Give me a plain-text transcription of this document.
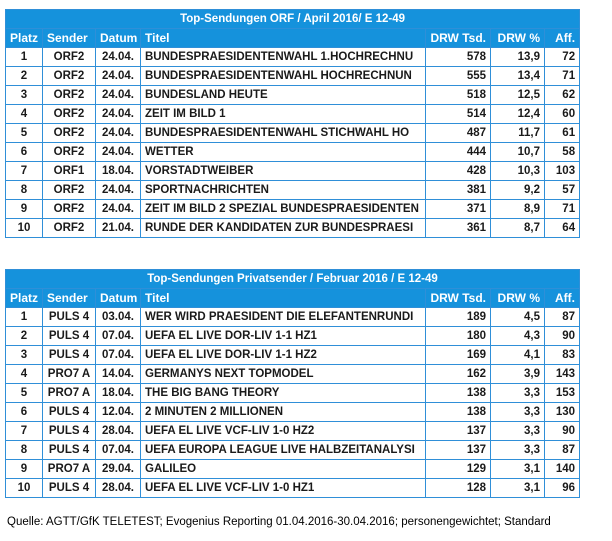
Top-Sendungen ORF / April 2016/ E 12-49						
Platz	Sender	Datum	Titel	DRW Tsd.	DRW %	Aff.
1	ORF2	24.04.	BUNDESPRAESIDENTENWAHL 1.HOCHRECHNU	578	13,9	72
2	ORF2	24.04.	BUNDESPRAESIDENTENWAHL HOCHRECHNUN	555	13,4	71
3	ORF2	24.04.	BUNDESLAND HEUTE	518	12,5	62
4	ORF2	24.04.	ZEIT IM BILD 1	514	12,4	60
5	ORF2	24.04.	BUNDESPRAESIDENTENWAHL STICHWAHL HO	487	11,7	61
6	ORF2	24.04.	WETTER	444	10,7	58
7	ORF1	18.04.	VORSTADTWEIBER	428	10,3	103
8	ORF2	24.04.	SPORTNACHRICHTEN	381	9,2	57
9	ORF2	24.04.	ZEIT IM BILD 2 SPEZIAL BUNDESPRAESIDENTEN	371	8,9	71
10	ORF2	21.04.	RUNDE DER KANDIDATEN ZUR BUNDESPRAESI	361	8,7	64
Top-Sendungen Privatsender / Februar 2016 / E 12-49						
Platz	Sender	Datum	Titel	DRW Tsd.	DRW %	Aff.
1	PULS 4	03.04.	WER WIRD PRAESIDENT DIE ELEFANTENRUNDI	189	4,5	87
2	PULS 4	07.04.	UEFA EL LIVE DOR-LIV 1-1 HZ1	180	4,3	90
3	PULS 4	07.04.	UEFA EL LIVE DOR-LIV 1-1 HZ2	169	4,1	83
4	PRO7 A	14.04.	GERMANYS NEXT TOPMODEL	162	3,9	143
5	PRO7 A	18.04.	THE BIG BANG THEORY	138	3,3	153
6	PULS 4	12.04.	2 MINUTEN 2 MILLIONEN	138	3,3	130
7	PULS 4	28.04.	UEFA EL LIVE VCF-LIV 1-0 HZ2	137	3,3	90
8	PULS 4	07.04.	UEFA EUROPA LEAGUE LIVE HALBZEITANALYSI	137	3,3	87
9	PRO7 A	29.04.	GALILEO	129	3,1	140
10	PULS 4	28.04.	UEFA EL LIVE VCF-LIV 1-0 HZ1	128	3,1	96
Quelle: AGTT/GfK TELETEST; Evogenius Reporting 01.04.2016-30.04.2016; personengewichtet; Standard
